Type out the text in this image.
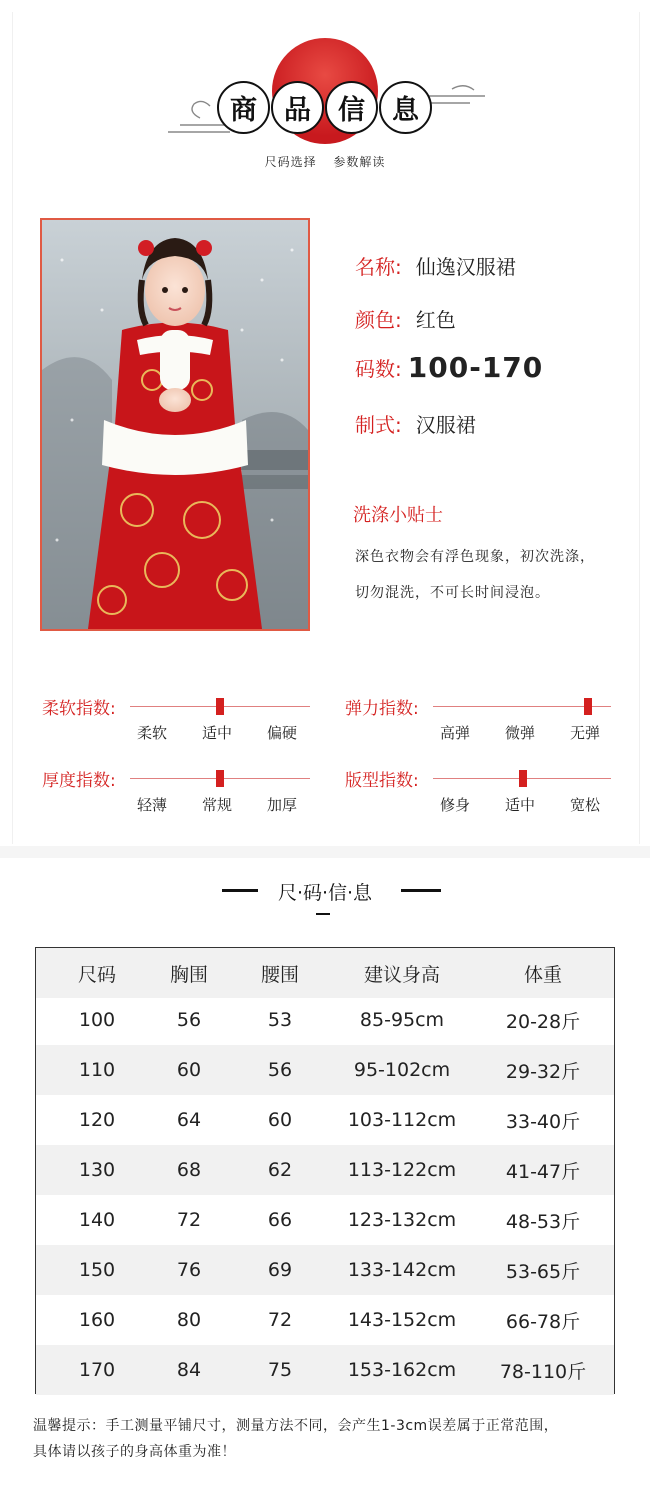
商	品	信	息
尺码选择 参数解读
名称: 仙逸汉服裙
颜色: 红色
码数: 100-170
制式: 汉服裙
洗涤小贴士
深色衣物会有浮色现象，初次洗涤，
切勿混洗，不可长时间浸泡。
柔软指数:
柔软 适中 偏硬
弹力指数:
高弹 微弹 无弹
厚度指数:
轻薄 常规 加厚
版型指数:
修身 适中 宽松
尺·码·信·息
尺码	胸围	腰围	建议身高	体重
100	56	53	85-95cm	20-28斤
110	60	56	95-102cm	29-32斤
120	64	60	103-112cm	33-40斤
130	68	62	113-122cm	41-47斤
140	72	66	123-132cm	48-53斤
150	76	69	133-142cm	53-65斤
160	80	72	143-152cm	66-78斤
170	84	75	153-162cm	78-110斤
温馨提示：手工测量平铺尺寸，测量方法不同，会产生1-3cm误差属于正常范围，
具体请以孩子的身高体重为准！
